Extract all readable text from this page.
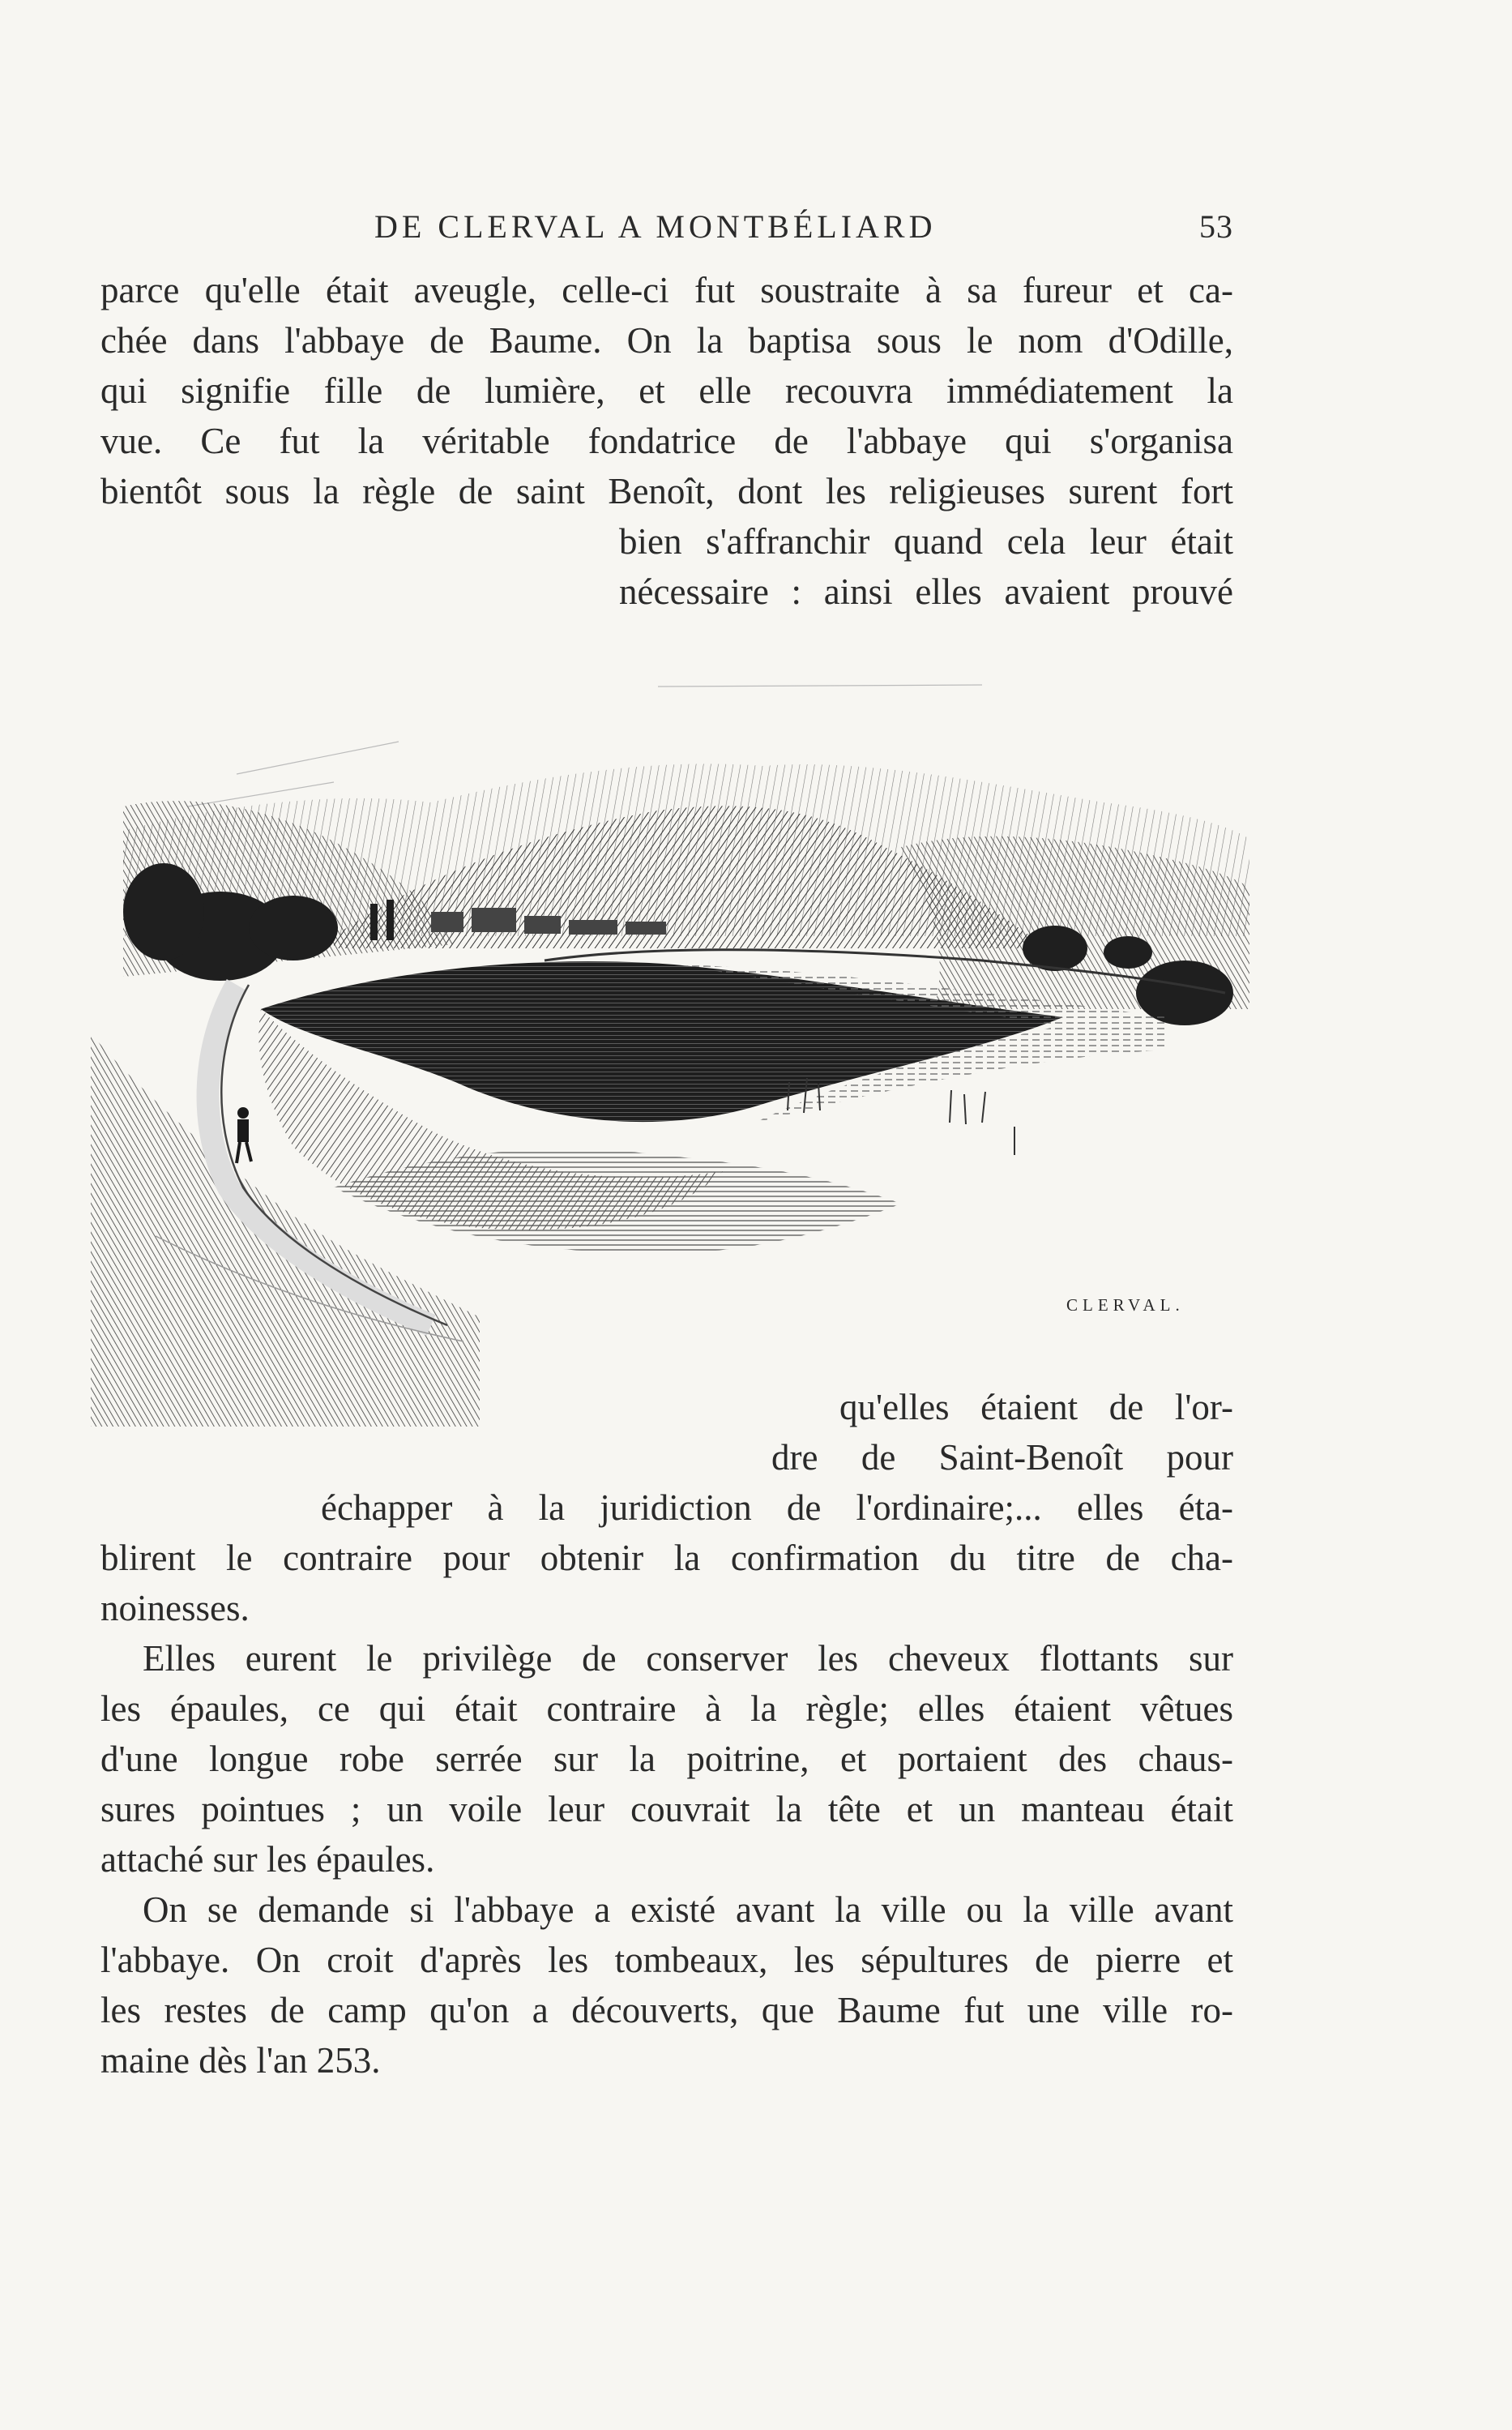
DE CLERVAL A MONTBÉLIARD	53
parce qu'elle était aveugle, celle-ci fut soustraite à sa fureur et ca-
chée dans l'abbaye de Baume. On la baptisa sous le nom d'Odille,
qui signifie fille de lumière, et elle recouvra immédiatement la
vue. Ce fut la véritable fondatrice de l'abbaye qui s'organisa
bientôt sous la règle de saint Benoît, dont les religieuses surent fort
bien s'affranchir quand cela leur était
nécessaire : ainsi elles avaient prouvé
CLERVAL.
qu'elles étaient de l'or-
dre de Saint-Benoît pour
échapper à la juridiction de l'ordinaire;... elles éta-
blirent le contraire pour obtenir la confirmation du titre de cha-
noinesses.
Elles eurent le privilège de conserver les cheveux flottants sur
les épaules, ce qui était contraire à la règle; elles étaient vêtues
d'une longue robe serrée sur la poitrine, et portaient des chaus-
sures pointues ; un voile leur couvrait la tête et un manteau était
attaché sur les épaules.
On se demande si l'abbaye a existé avant la ville ou la ville avant
l'abbaye. On croit d'après les tombeaux, les sépultures de pierre et
les restes de camp qu'on a découverts, que Baume fut une ville ro-
maine dès l'an 253.
